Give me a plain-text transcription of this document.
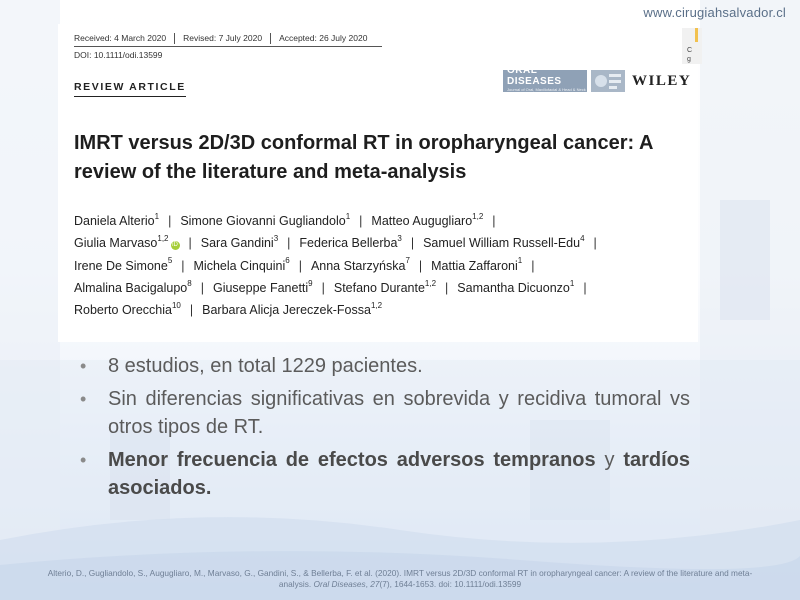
www.cirugiahsalvador.cl
Received: 4 March 2020	Revised: 7 July 2020	Accepted: 26 July 2020
DOI: 10.1111/odi.13599
REVIEW ARTICLE
ORAL DISEASES
Journal of Oral, Maxillofacial & Head & Neck Medicine
WILEY
C
g
IMRT versus 2D/3D conformal RT in oropharyngeal cancer: A review of the literature and meta-analysis
Daniela Alterio$^1$ | Simone Giovanni Gugliandolo$^1$ | Matteo Augugliaro$^{1,2}$ |
Giulia Marvaso$^{1,2}$iD | Sara Gandini$^3$ | Federica Bellerba$^3$ | Samuel William Russell-Edu$^4$ |
Irene De Simone$^5$ | Michela Cinquini$^6$ | Anna Starzyńska$^7$ | Mattia Zaffaroni$^1$ |
Almalina Bacigalupo$^8$ | Giuseppe Fanetti$^9$ | Stefano Durante$^{1,2}$ | Samantha Dicuonzo$^1$ |
Roberto Orecchia$^{10}$ | Barbara Alicja Jereczek-Fossa$^{1,2}$
• 8 estudios, en total 1229 pacientes.
• Sin diferencias significativas en sobrevida y recidiva tumoral vs otros tipos de RT.
• Menor frecuencia de efectos adversos tempranos y tardíos asociados.

Alterio, D., Gugliandolo, S., Augugliaro, M., Marvaso, G., Gandini, S., & Bellerba, F. et al. (2020). IMRT versus 2D/3D conformal RT in oropharyngeal cancer: A review of the literature and meta-analysis. Oral Diseases, 27(7), 1644-1653. doi: 10.1111/odi.13599
